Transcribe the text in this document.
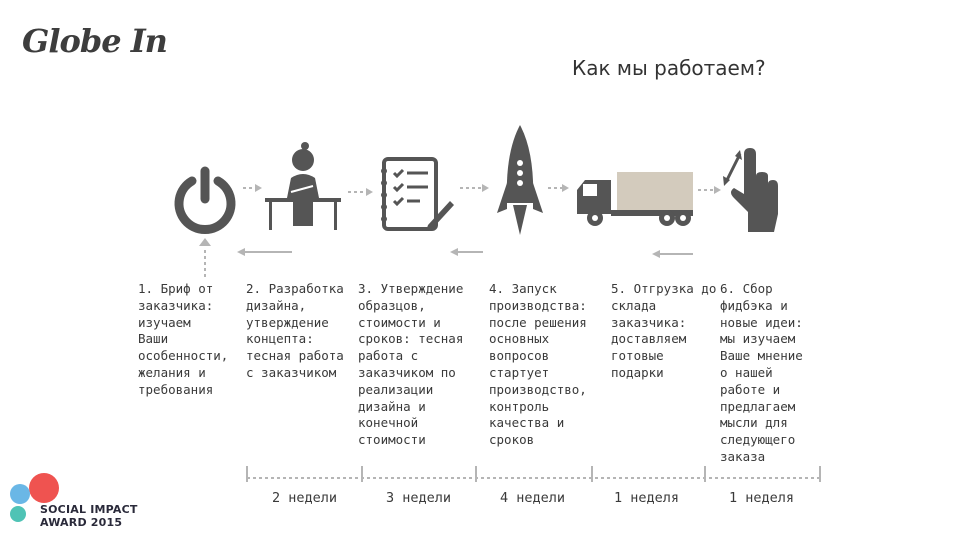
Globe In
Как мы работаем?
1. Бриф от
заказчика:
изучаем
Ваши
особенности,
желания и
требования
2. Разработка
дизайна,
утверждение
концепта:
тесная работа
с заказчиком
3. Утверждение
образцов,
стоимости и
сроков: тесная
работа с
заказчиком по
реализации
дизайна и
конечной
стоимости
4. Запуск
производства:
после решения
основных
вопросов
стартует
производство,
контроль
качества и
сроков
5. Отгрузка до
склада
заказчика:
доставляем
готовые
подарки
6. Сбор
фидбэка и
новые идеи:
мы изучаем
Ваше мнение
о нашей
работе и
предлагаем
мысли для
следующего
заказа
2 недели	3 недели	4 недели	1 неделя	1 неделя
SOCIAL IMPACT
AWARD 2015
